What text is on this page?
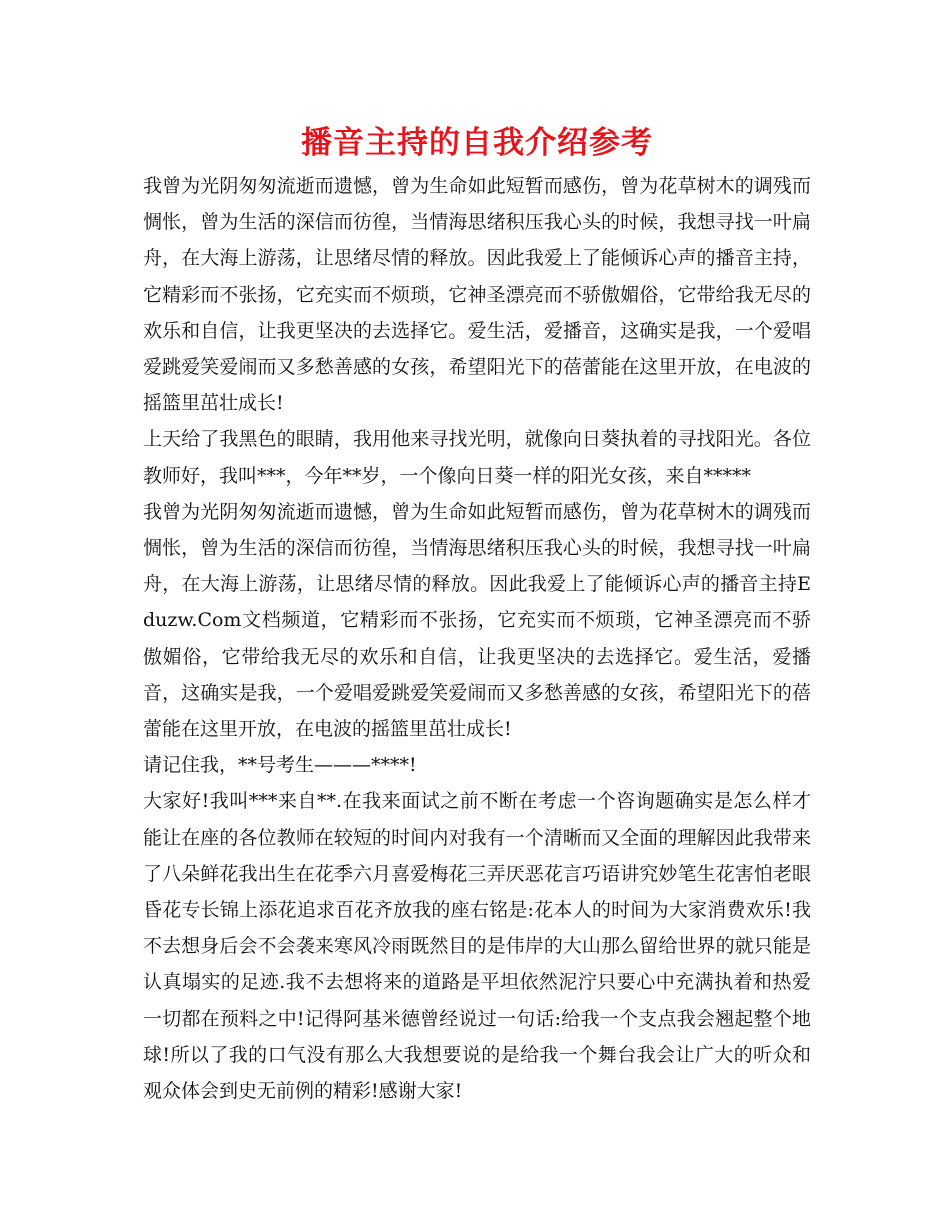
播音主持的自我介绍参考

我曾为光阴匆匆流逝而遗憾，曾为生命如此短暂而感伤，曾为花草树木的调残而惆怅，曾为生活的深信而彷徨，当情海思绪积压我心头的时候，我想寻找一叶扁舟，在大海上游荡，让思绪尽情的释放。因此我爱上了能倾诉心声的播音主持，它精彩而不张扬，它充实而不烦琐，它神圣漂亮而不骄傲媚俗，它带给我无尽的欢乐和自信，让我更坚决的去选择它。爱生活，爱播音，这确实是我，一个爱唱爱跳爱笑爱闹而又多愁善感的女孩，希望阳光下的蓓蕾能在这里开放，在电波的摇篮里茁壮成长!

上天给了我黑色的眼睛，我用他来寻找光明，就像向日葵执着的寻找阳光。各位教师好，我叫***，今年**岁，一个像向日葵一样的阳光女孩，来自*****

我曾为光阴匆匆流逝而遗憾，曾为生命如此短暂而感伤，曾为花草树木的调残而惆怅，曾为生活的深信而彷徨，当情海思绪积压我心头的时候，我想寻找一叶扁舟，在大海上游荡，让思绪尽情的释放。因此我爱上了能倾诉心声的播音主持Eduzw.Com文档频道，它精彩而不张扬，它充实而不烦琐，它神圣漂亮而不骄傲媚俗，它带给我无尽的欢乐和自信，让我更坚决的去选择它。爱生活，爱播音，这确实是我，一个爱唱爱跳爱笑爱闹而又多愁善感的女孩，希望阳光下的蓓蕾能在这里开放，在电波的摇篮里茁壮成长!

请记住我，**号考生———****!

大家好!我叫***来自**.在我来面试之前不断在考虑一个咨询题确实是怎么样才能让在座的各位教师在较短的时间内对我有一个清晰而又全面的理解因此我带来了八朵鲜花我出生在花季六月喜爱梅花三弄厌恶花言巧语讲究妙笔生花害怕老眼昏花专长锦上添花追求百花齐放我的座右铭是:花本人的时间为大家消费欢乐!我不去想身后会不会袭来寒风冷雨既然目的是伟岸的大山那么留给世界的就只能是认真塌实的足迹.我不去想将来的道路是平坦依然泥泞只要心中充满执着和热爱一切都在预料之中!记得阿基米德曾经说过一句话:给我一个支点我会翘起整个地球!所以了我的口气没有那么大我想要说的是给我一个舞台我会让广大的听众和观众体会到史无前例的精彩!感谢大家!
